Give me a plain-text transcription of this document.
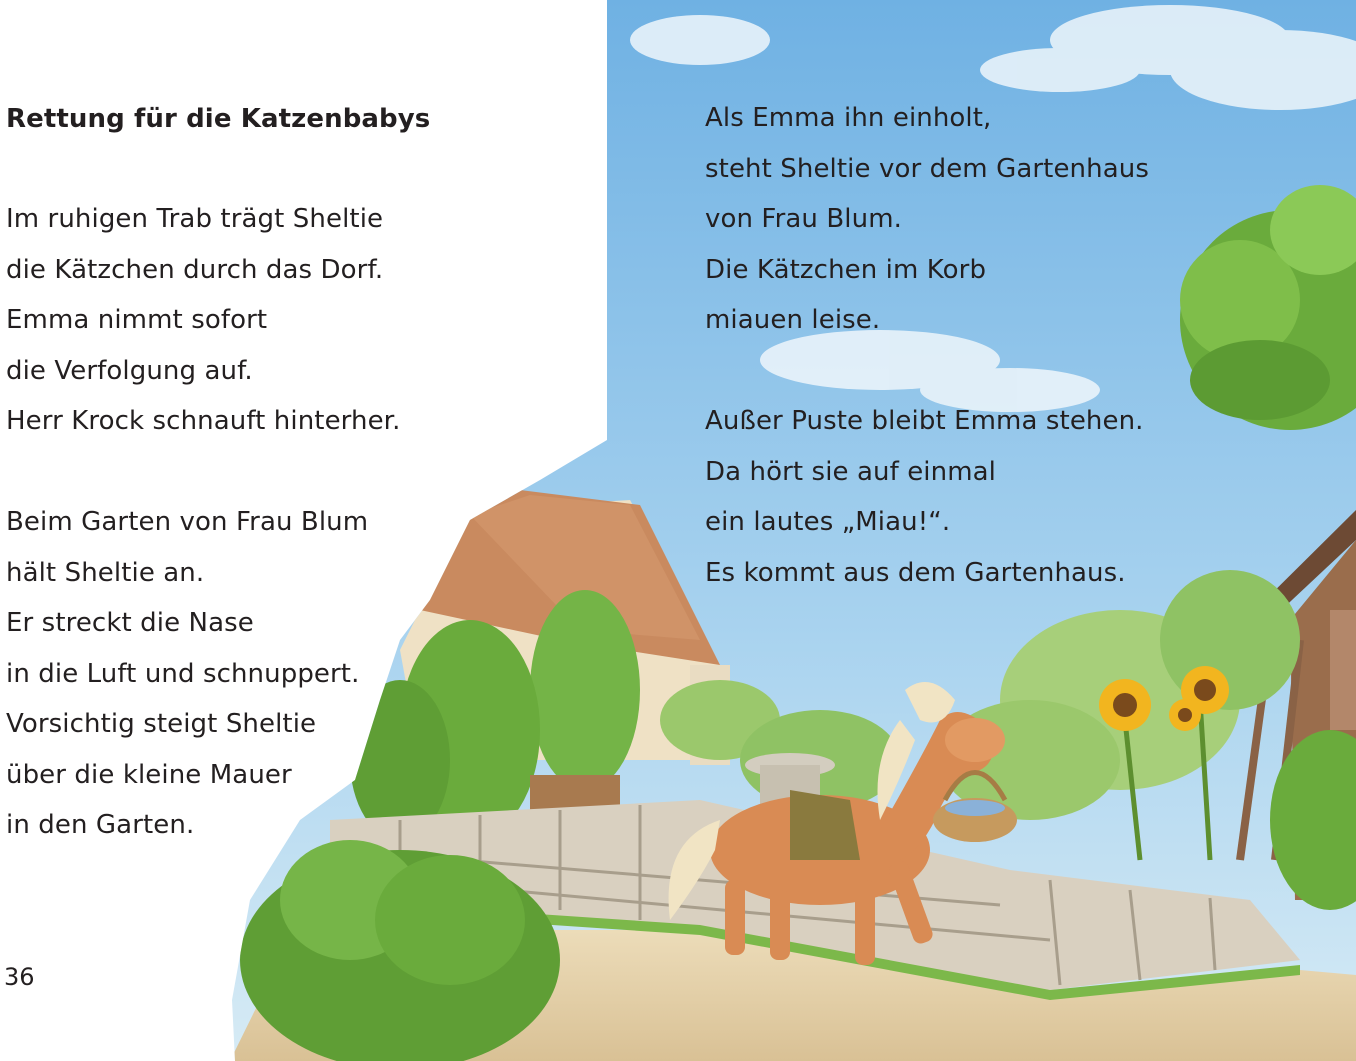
Rettung für die Katzenbabys
Im ruhigen Trab trägt Sheltie
die Kätzchen durch das Dorf.
Emma nimmt sofort
die Verfolgung auf.
Herr Krock schnauft hinterher.
Beim Garten von Frau Blum
hält Sheltie an.
Er streckt die Nase
in die Luft und schnuppert.
Vorsichtig steigt Sheltie
über die kleine Mauer
in den Garten.
Als Emma ihn einholt,
steht Sheltie vor dem Gartenhaus
von Frau Blum.
Die Kätzchen im Korb
miauen leise.
Außer Puste bleibt Emma stehen.
Da hört sie auf einmal
ein lautes „Miau!“.
Es kommt aus dem Gartenhaus.
36
